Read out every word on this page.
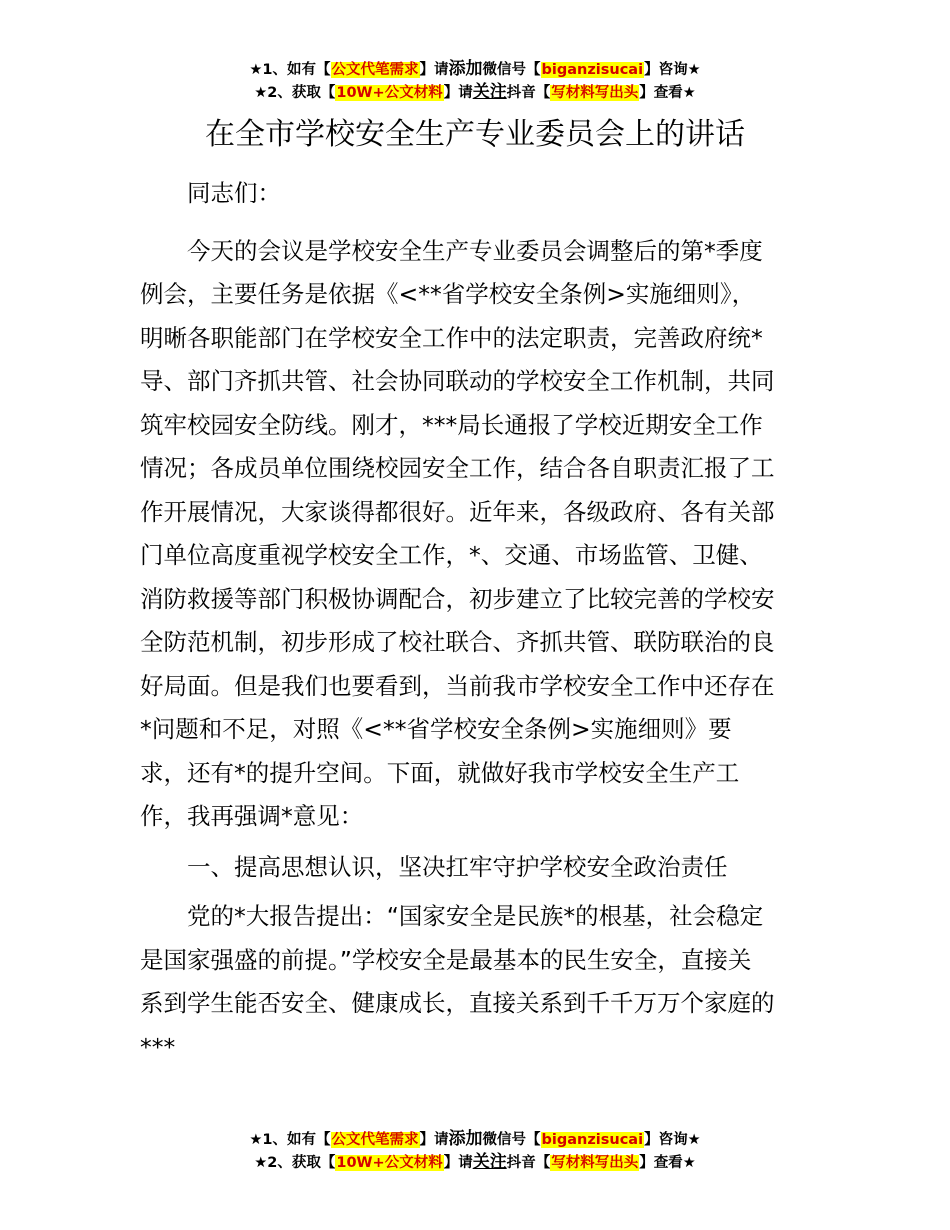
★1、如有【公文代笔需求】请添加微信号【biganzisucai】咨询★
★2、获取【10W+公文材料】请关注抖音【写材料写出头】查看★
在全市学校安全生产专业委员会上的讲话

同志们：

今天的会议是学校安全生产专业委员会调整后的第*季度
例会，主要任务是依据《<**省学校安全条例>实施细则》，
明晰各职能部门在学校安全工作中的法定职责，完善政府统*
导、部门齐抓共管、社会协同联动的学校安全工作机制，共同
筑牢校园安全防线。刚才，***局长通报了学校近期安全工作
情况；各成员单位围绕校园安全工作，结合各自职责汇报了工
作开展情况，大家谈得都很好。近年来，各级政府、各有关部
门单位高度重视学校安全工作，*、交通、市场监管、卫健、
消防救援等部门积极协调配合，初步建立了比较完善的学校安
全防范机制，初步形成了校社联合、齐抓共管、联防联治的良
好局面。但是我们也要看到，当前我市学校安全工作中还存在
*问题和不足，对照《<**省学校安全条例>实施细则》要
求，还有*的提升空间。下面，就做好我市学校安全生产工
作，我再强调*意见：

一、提高思想认识，坚决扛牢守护学校安全政治责任

党的*大报告提出：“国家安全是民族*的根基，社会稳定
是国家强盛的前提。”学校安全是最基本的民生安全，直接关
系到学生能否安全、健康成长，直接关系到千千万万个家庭的
***

★1、如有【公文代笔需求】请添加微信号【biganzisucai】咨询★
★2、获取【10W+公文材料】请关注抖音【写材料写出头】查看★
